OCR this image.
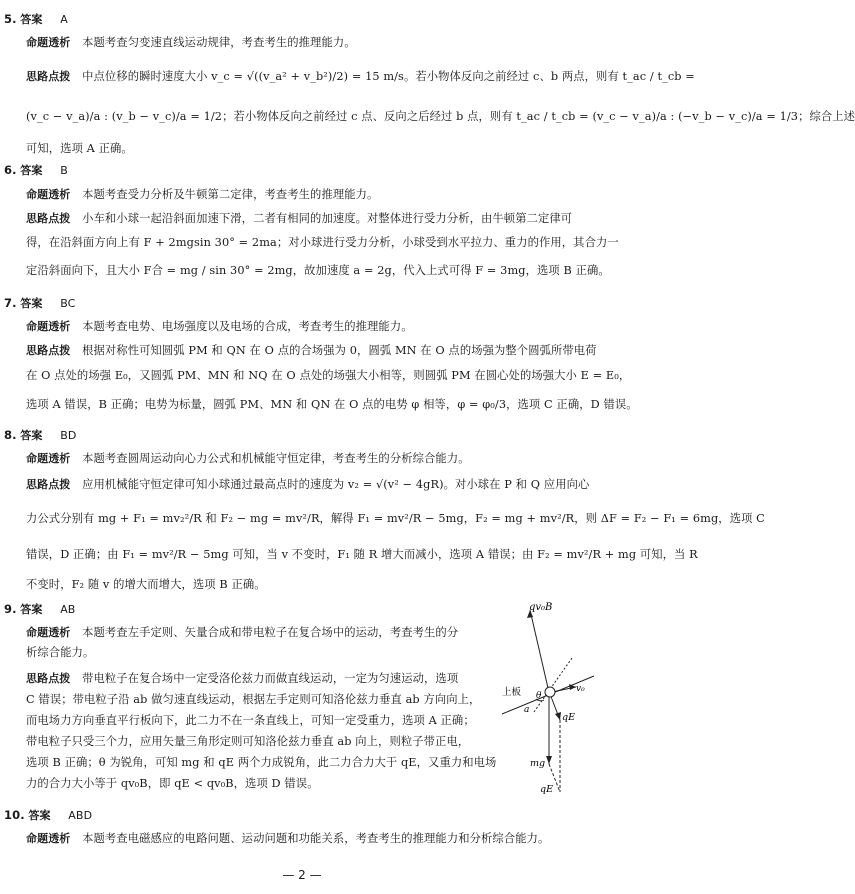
5. 答案 A
命题透析 本题考查匀变速直线运动规律，考查考生的推理能力。
思路点拨 中点位移的瞬时速度大小 v_c = √((v_a² + v_b²)/2) = 15 m/s。若小物体反向之前经过 c、b 两点，则有 t_ac / t_cb =
(v_c − v_a)/a : (v_b − v_c)/a = 1/2；若小物体反向之前经过 c 点、反向之后经过 b 点，则有 t_ac / t_cb = (v_c − v_a)/a : (−v_b − v_c)/a = 1/3；综合上述
可知，选项 A 正确。
6. 答案 B
命题透析 本题考查受力分析及牛顿第二定律，考查考生的推理能力。
思路点拨 小车和小球一起沿斜面加速下滑，二者有相同的加速度。对整体进行受力分析，由牛顿第二定律可
得，在沿斜面方向上有 F + 2mgsin 30° = 2ma；对小球进行受力分析，小球受到水平拉力、重力的作用，其合力一
定沿斜面向下，且大小 F合 = mg / sin 30° = 2mg，故加速度 a = 2g，代入上式可得 F = 3mg，选项 B 正确。
7. 答案 BC
命题透析 本题考查电势、电场强度以及电场的合成，考查考生的推理能力。
思路点拨 根据对称性可知圆弧 PM 和 QN 在 O 点的合场强为 0，圆弧 MN 在 O 点的场强为整个圆弧所带电荷
在 O 点处的场强 E₀，又圆弧 PM、MN 和 NQ 在 O 点处的场强大小相等，则圆弧 PM 在圆心处的场强大小 E = E₀，
选项 A 错误，B 正确；电势为标量，圆弧 PM、MN 和 QN 在 O 点的电势 φ 相等，φ = φ₀/3，选项 C 正确，D 错误。
8. 答案 BD
命题透析 本题考查圆周运动向心力公式和机械能守恒定律，考查考生的分析综合能力。
思路点拨 应用机械能守恒定律可知小球通过最高点时的速度为 v₂ = √(v² − 4gR)。对小球在 P 和 Q 应用向心
力公式分别有 mg + F₁ = mv₂²/R 和 F₂ − mg = mv²/R，解得 F₁ = mv²/R − 5mg，F₂ = mg + mv²/R，则 ΔF = F₂ − F₁ = 6mg，选项 C
错误，D 正确；由 F₁ = mv²/R − 5mg 可知，当 v 不变时，F₁ 随 R 增大而减小，选项 A 错误；由 F₂ = mv²/R + mg 可知，当 R
不变时，F₂ 随 v 的增大而增大，选项 B 正确。
9. 答案 AB
命题透析 本题考查左手定则、矢量合成和带电粒子在复合场中的运动，考查考生的分
析综合能力。
思路点拨 带电粒子在复合场中一定受洛伦兹力而做直线运动，一定为匀速运动，选项
C 错误；带电粒子沿 ab 做匀速直线运动，根据左手定则可知洛伦兹力垂直 ab 方向向上，
而电场力方向垂直平行板向下，此二力不在一条直线上，可知一定受重力，选项 A 正确；
带电粒子只受三个力，应用矢量三角形定则可知洛伦兹力垂直 ab 向上，则粒子带正电，
选项 B 正确；θ 为锐角，可知 mg 和 qE 两个力成锐角，此二力合力大于 qE，又重力和电场
力的合力大小等于 qv₀B，即 qE < qv₀B，选项 D 错误。
qv₀B
上板 θ
a
v₀
qE
mg
qE
10. 答案 ABD
命题透析 本题考查电磁感应的电路问题、运动问题和功能关系，考查考生的推理能力和分析综合能力。
— 2 —
